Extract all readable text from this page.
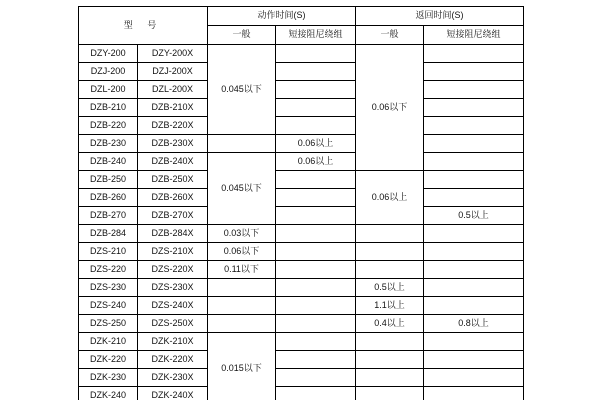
型 号		动作时间(S)		返回时间(S)	
		一般	短接阻尼绕组	一般	短接阻尼绕组
DZY-200	DZY-200X	0.045以下		0.06以下	
DZJ-200	DZJ-200X				
DZL-200	DZL-200X				
DZB-210	DZB-210X				
DZB-220	DZB-220X				
DZB-230	DZB-230X		0.06以上		
DZB-240	DZB-240X	0.045以下	0.06以上		
DZB-250	DZB-250X			0.06以上	
DZB-260	DZB-260X				
DZB-270	DZB-270X				0.5以上
DZB-284	DZB-284X	0.03以下			
DZS-210	DZS-210X	0.06以下			
DZS-220	DZS-220X	0.11以下			
DZS-230	DZS-230X			0.5以上	
DZS-240	DZS-240X			1.1以上	
DZS-250	DZS-250X			0.4以上	0.8以上
DZK-210	DZK-210X	0.015以下			
DZK-220	DZK-220X				
DZK-230	DZK-230X				
DZK-240	DZK-240X				
